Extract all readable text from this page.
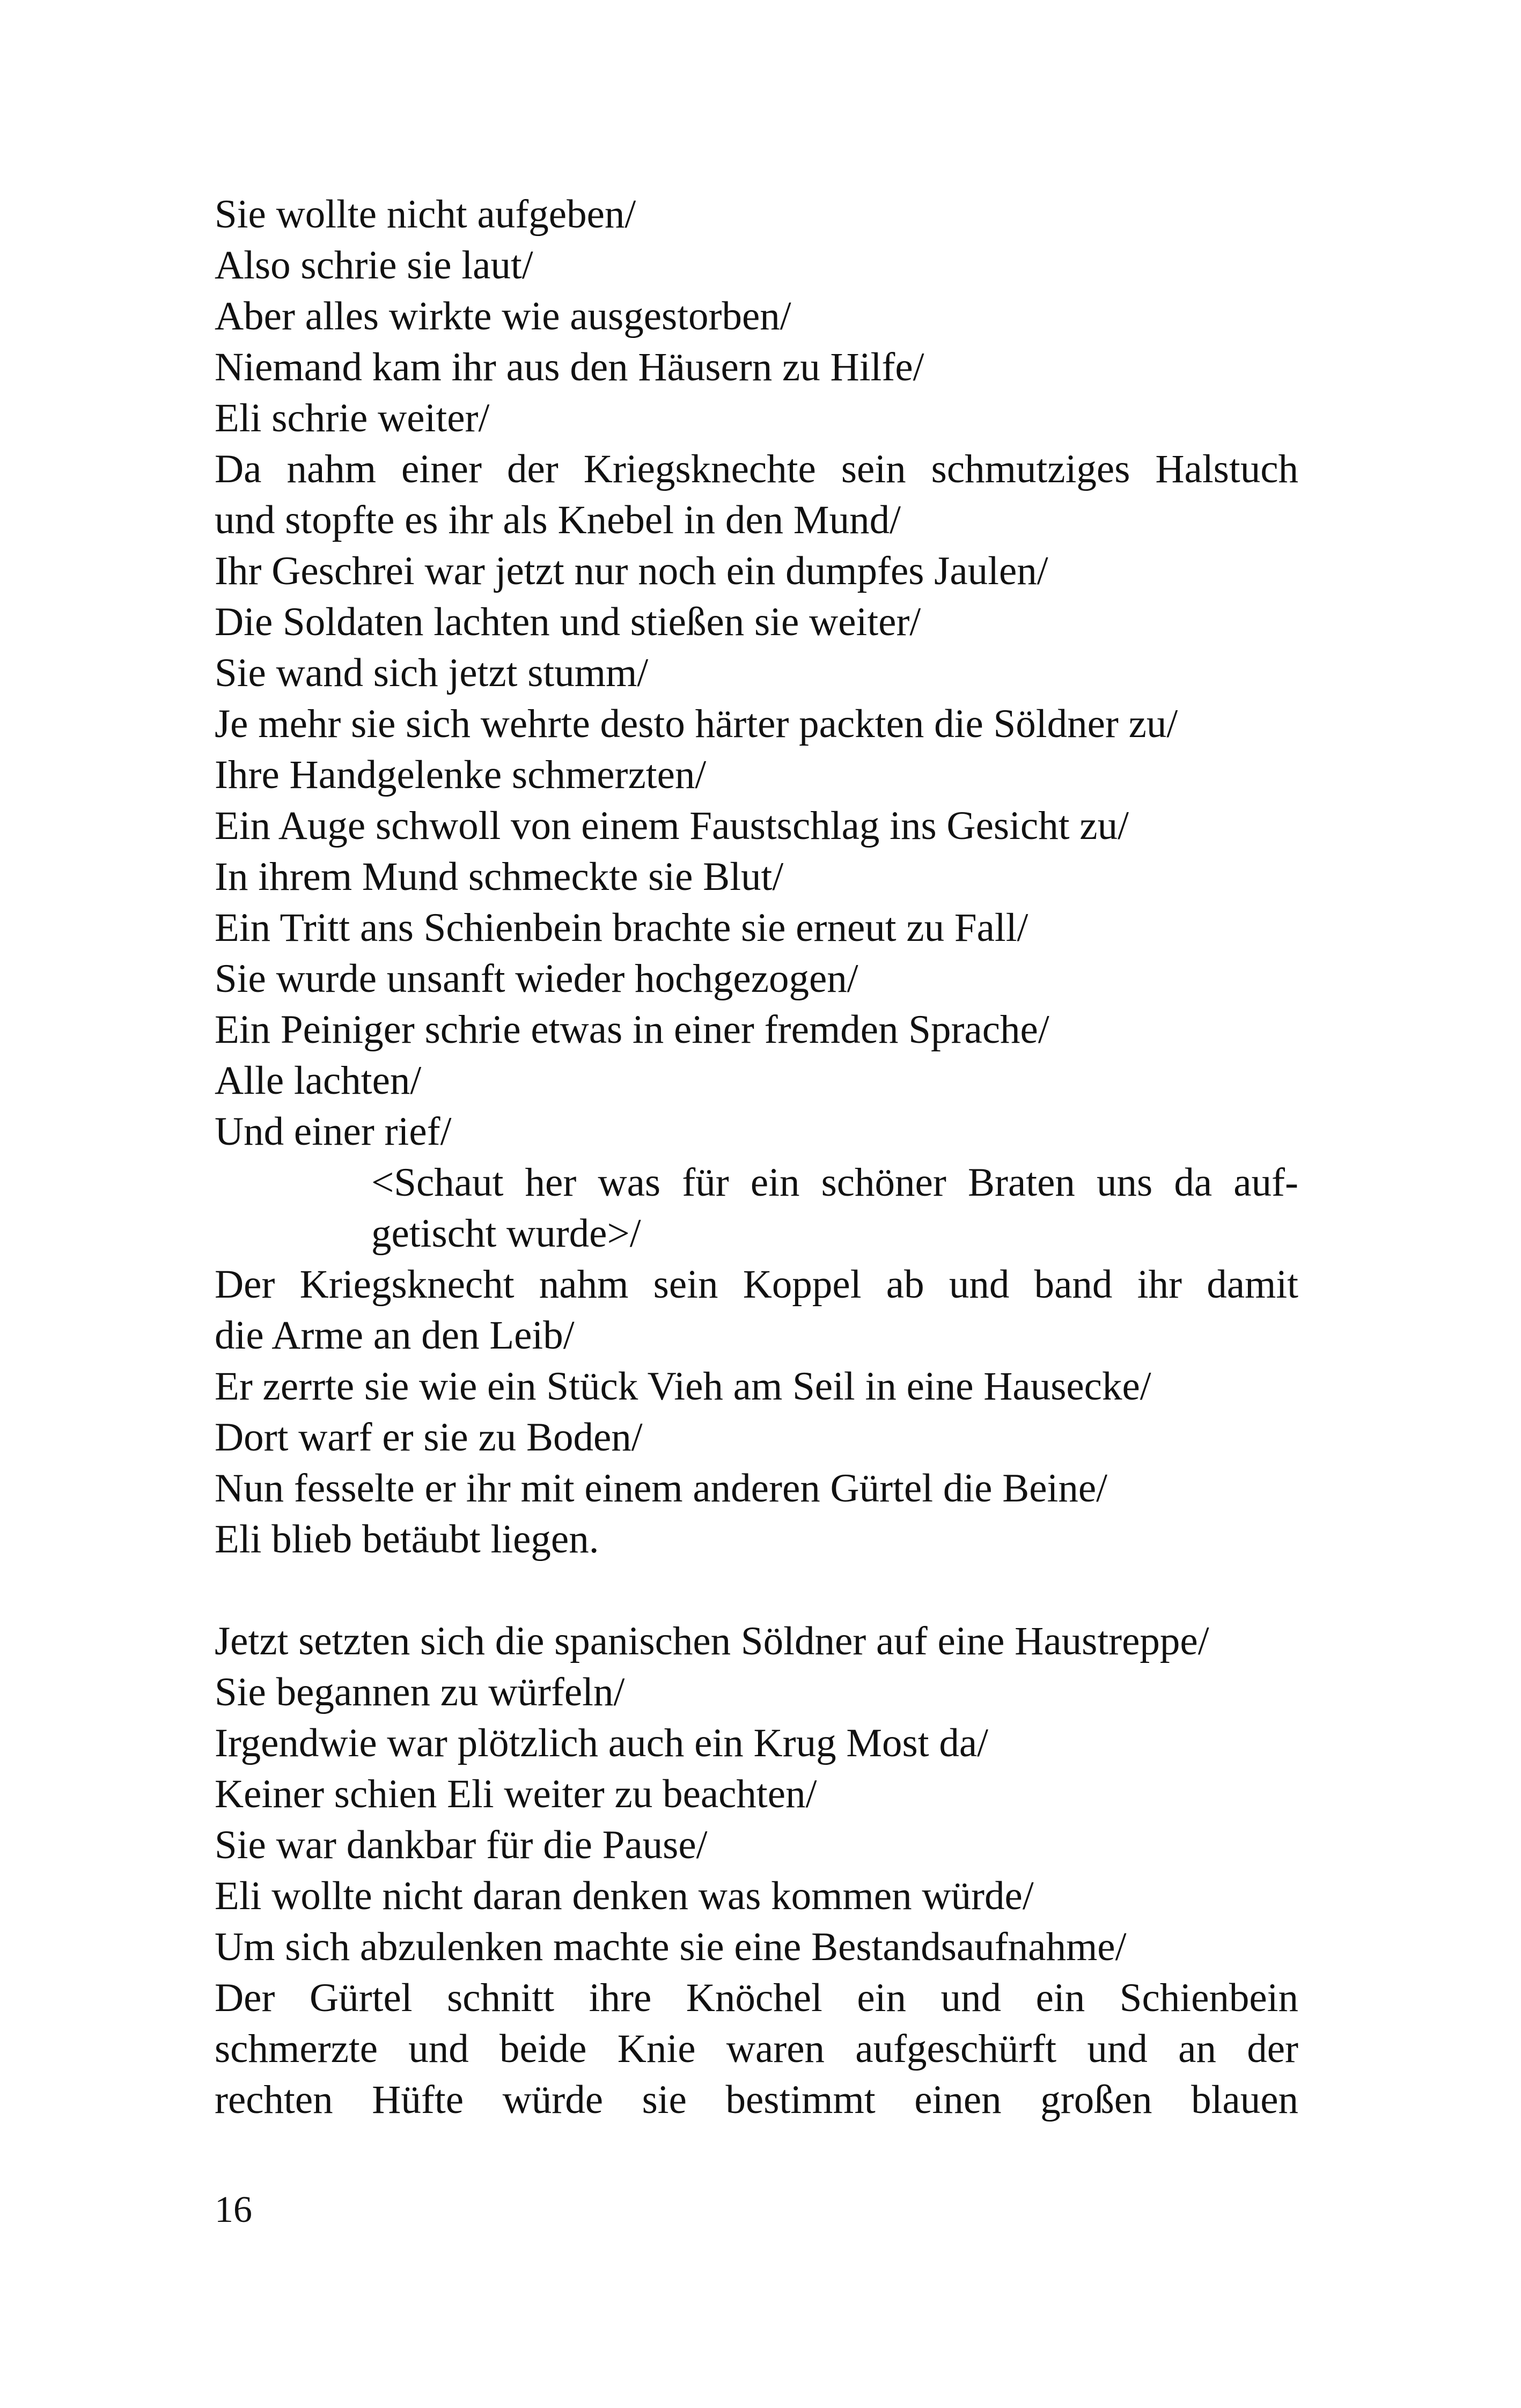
Sie wollte nicht aufgeben/
Also schrie sie laut/
Aber alles wirkte wie ausgestorben/
Niemand kam ihr aus den Häusern zu Hilfe/
Eli schrie weiter/
Da nahm einer der Kriegsknechte sein schmutziges Halstuch
und stopfte es ihr als Knebel in den Mund/
Ihr Geschrei war jetzt nur noch ein dumpfes Jaulen/
Die Soldaten lachten und stießen sie weiter/
Sie wand sich jetzt stumm/
Je mehr sie sich wehrte desto härter packten die Söldner zu/
Ihre Handgelenke schmerzten/
Ein Auge schwoll von einem Faustschlag ins Gesicht zu/
In ihrem Mund schmeckte sie Blut/
Ein Tritt ans Schienbein brachte sie erneut zu Fall/
Sie wurde unsanft wieder hochgezogen/
Ein Peiniger schrie etwas in einer fremden Sprache/
Alle lachten/
Und einer rief/
<Schaut her was für ein schöner Braten uns da auf-
getischt wurde>/
Der Kriegsknecht nahm sein Koppel ab und band ihr damit
die Arme an den Leib/
Er zerrte sie wie ein Stück Vieh am Seil in eine Hausecke/
Dort warf er sie zu Boden/
Nun fesselte er ihr mit einem anderen Gürtel die Beine/
Eli blieb betäubt liegen.
Jetzt setzten sich die spanischen Söldner auf eine Haustreppe/
Sie begannen zu würfeln/
Irgendwie war plötzlich auch ein Krug Most da/
Keiner schien Eli weiter zu beachten/
Sie war dankbar für die Pause/
Eli wollte nicht daran denken was kommen würde/
Um sich abzulenken machte sie eine Bestandsaufnahme/
Der Gürtel schnitt ihre Knöchel ein und ein Schienbein
schmerzte und beide Knie waren aufgeschürft und an der
rechten Hüfte würde sie bestimmt einen großen blauen
16
